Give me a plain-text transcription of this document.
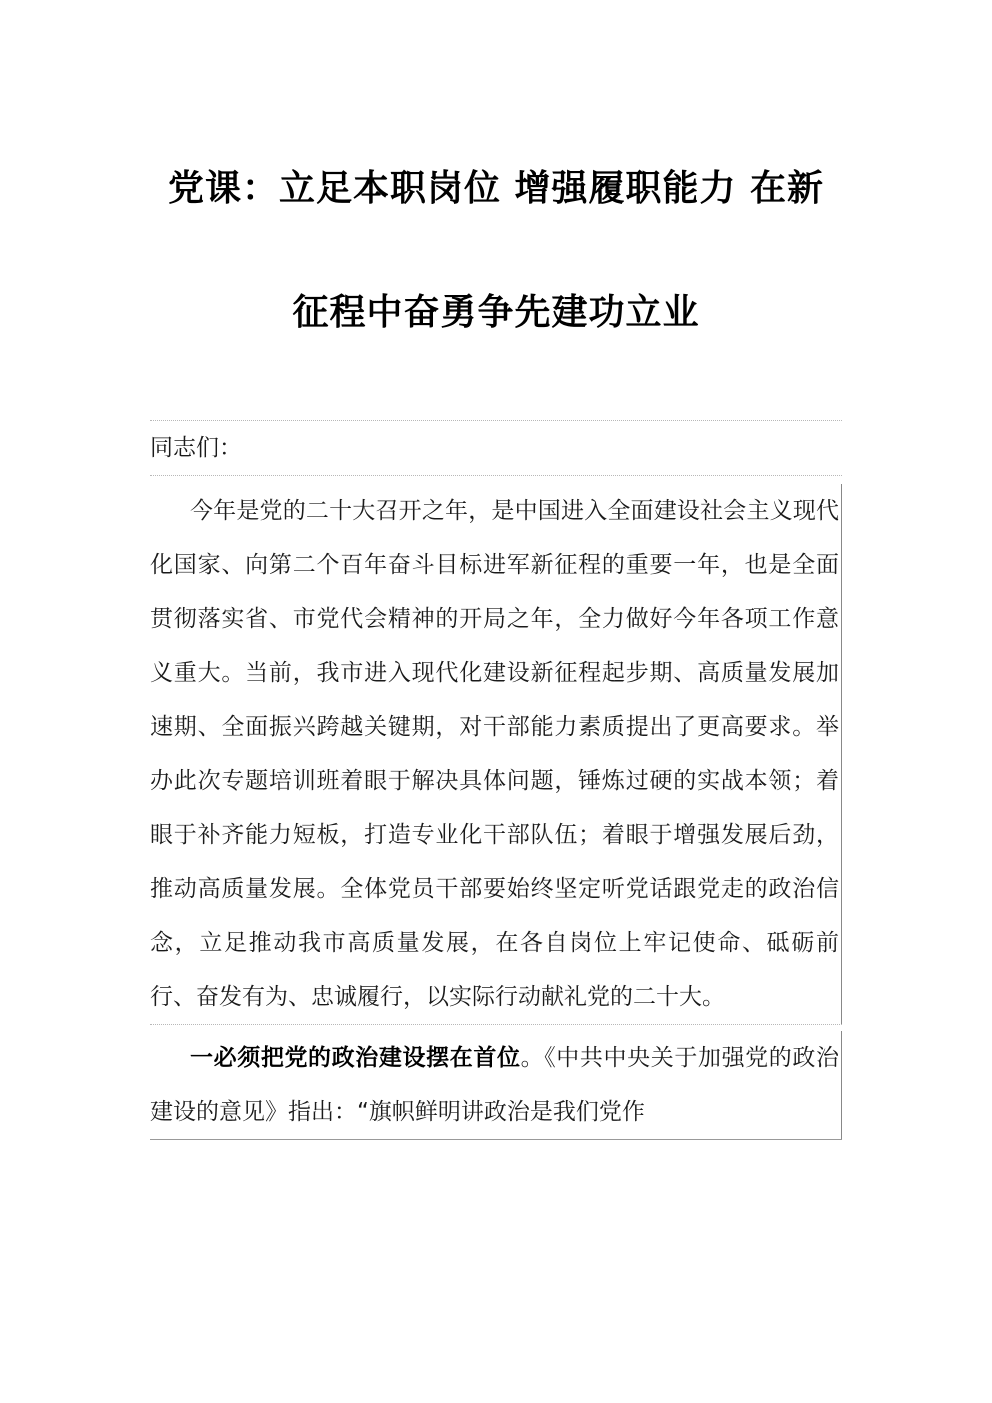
党课：立足本职岗位 增强履职能力 在新
征程中奋勇争先建功立业
同志们：

今年是党的二十大召开之年，是中国进入全面建设社会主义现代化国家、向第二个百年奋斗目标进军新征程的重要一年，也是全面贯彻落实省、市党代会精神的开局之年，全力做好今年各项工作意义重大。当前，我市进入现代化建设新征程起步期、高质量发展加速期、全面振兴跨越关键期，对干部能力素质提出了更高要求。举办此次专题培训班着眼于解决具体问题，锤炼过硬的实战本领；着眼于补齐能力短板，打造专业化干部队伍；着眼于增强发展后劲，推动高质量发展。全体党员干部要始终坚定听党话跟党走的政治信念，立足推动我市高质量发展，在各自岗位上牢记使命、砥砺前行、奋发有为、忠诚履行，以实际行动献礼党的二十大。

一必须把党的政治建设摆在首位。《中共中央关于加强党的政治建设的意见》指出：“旗帜鲜明讲政治是我们党作
